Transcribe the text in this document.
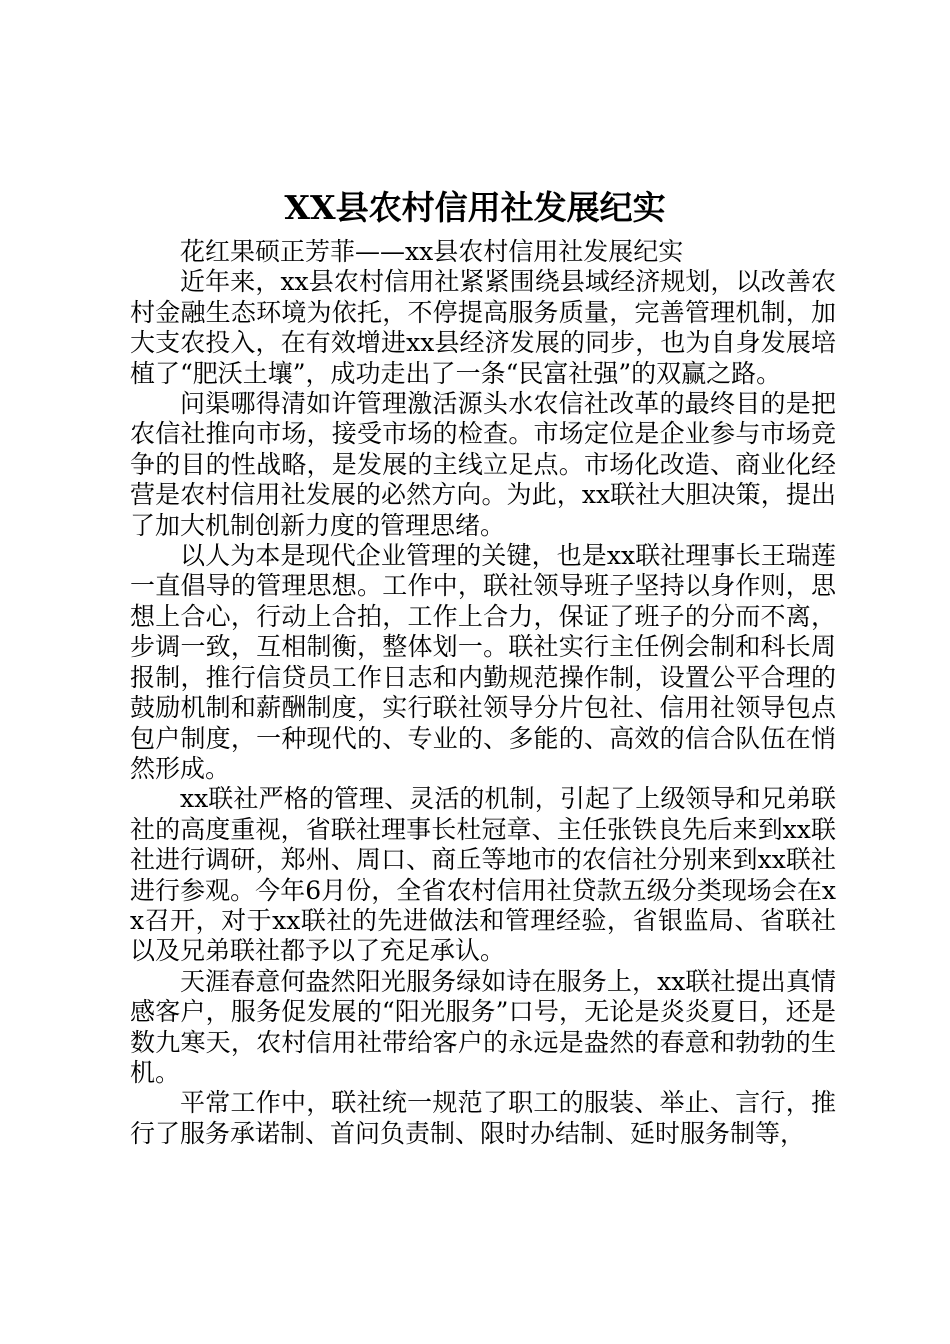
XX县农村信用社发展纪实

花红果硕正芳菲——xx县农村信用社发展纪实

近年来，xx县农村信用社紧紧围绕县域经济规划，以改善农村金融生态环境为依托，不停提高服务质量，完善管理机制，加大支农投入，在有效增进xx县经济发展的同步，也为自身发展培植了“肥沃土壤”，成功走出了一条“民富社强”的双赢之路。

问渠哪得清如许管理激活源头水农信社改革的最终目的是把农信社推向市场，接受市场的检查。市场定位是企业参与市场竞争的目的性战略，是发展的主线立足点。市场化改造、商业化经营是农村信用社发展的必然方向。为此，xx联社大胆决策，提出了加大机制创新力度的管理思绪。

以人为本是现代企业管理的关键，也是xx联社理事长王瑞莲一直倡导的管理思想。工作中，联社领导班子坚持以身作则，思想上合心，行动上合拍，工作上合力，保证了班子的分而不离，步调一致，互相制衡，整体划一。联社实行主任例会制和科长周报制，推行信贷员工作日志和内勤规范操作制，设置公平合理的鼓励机制和薪酬制度，实行联社领导分片包社、信用社领导包点包户制度，一种现代的、专业的、多能的、高效的信合队伍在悄然形成。

xx联社严格的管理、灵活的机制，引起了上级领导和兄弟联社的高度重视，省联社理事长杜冠章、主任张铁良先后来到xx联社进行调研，郑州、周口、商丘等地市的农信社分别来到xx联社进行参观。今年6月份，全省农村信用社贷款五级分类现场会在xx召开，对于xx联社的先进做法和管理经验，省银监局、省联社以及兄弟联社都予以了充足承认。

天涯春意何盎然阳光服务绿如诗在服务上，xx联社提出真情感客户，服务促发展的“阳光服务”口号，无论是炎炎夏日，还是数九寒天，农村信用社带给客户的永远是盎然的春意和勃勃的生机。

平常工作中，联社统一规范了职工的服装、举止、言行，推行了服务承诺制、首问负责制、限时办结制、延时服务制等，
